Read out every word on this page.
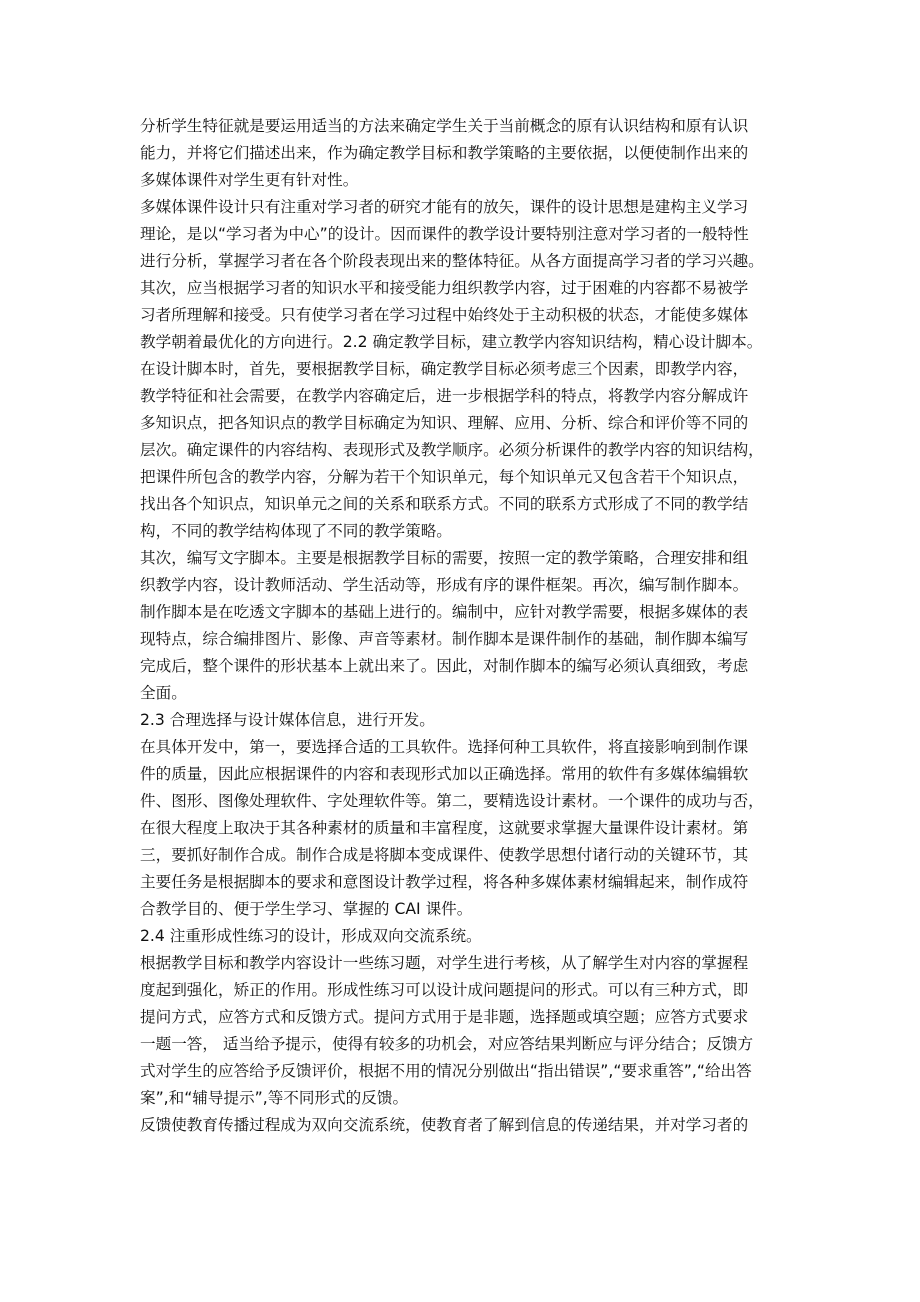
分析学生特征就是要运用适当的方法来确定学生关于当前概念的原有认识结构和原有认识
能力，并将它们描述出来，作为确定教学目标和教学策略的主要依据，以便使制作出来的
多媒体课件对学生更有针对性。
多媒体课件设计只有注重对学习者的研究才能有的放矢，课件的设计思想是建构主义学习
理论，是以“学习者为中心”的设计。因而课件的教学设计要特别注意对学习者的一般特性
进行分析，掌握学习者在各个阶段表现出来的整体特征。从各方面提高学习者的学习兴趣。
其次，应当根据学习者的知识水平和接受能力组织教学内容，过于困难的内容都不易被学
习者所理解和接受。只有使学习者在学习过程中始终处于主动积极的状态，才能使多媒体
教学朝着最优化的方向进行。2.2 确定教学目标，建立教学内容知识结构，精心设计脚本。
在设计脚本时，首先，要根据教学目标，确定教学目标必须考虑三个因素，即教学内容，
教学特征和社会需要，在教学内容确定后，进一步根据学科的特点，将教学内容分解成许
多知识点，把各知识点的教学目标确定为知识、理解、应用、分析、综合和评价等不同的
层次。确定课件的内容结构、表现形式及教学顺序。必须分析课件的教学内容的知识结构，
把课件所包含的教学内容，分解为若干个知识单元，每个知识单元又包含若干个知识点，
找出各个知识点，知识单元之间的关系和联系方式。不同的联系方式形成了不同的教学结
构，不同的教学结构体现了不同的教学策略。
其次，编写文字脚本。主要是根据教学目标的需要，按照一定的教学策略，合理安排和组
织教学内容，设计教师活动、学生活动等，形成有序的课件框架。再次，编写制作脚本。
制作脚本是在吃透文字脚本的基础上进行的。编制中，应针对教学需要，根据多媒体的表
现特点，综合编排图片、影像、声音等素材。制作脚本是课件制作的基础，制作脚本编写
完成后，整个课件的形状基本上就出来了。因此，对制作脚本的编写必须认真细致，考虑
全面。
2.3 合理选择与设计媒体信息，进行开发。
在具体开发中，第一，要选择合适的工具软件。选择何种工具软件，将直接影响到制作课
件的质量，因此应根据课件的内容和表现形式加以正确选择。常用的软件有多媒体编辑软
件、图形、图像处理软件、字处理软件等。第二，要精选设计素材。一个课件的成功与否，
在很大程度上取决于其各种素材的质量和丰富程度，这就要求掌握大量课件设计素材。第
三，要抓好制作合成。制作合成是将脚本变成课件、使教学思想付诸行动的关键环节，其
主要任务是根据脚本的要求和意图设计教学过程，将各种多媒体素材编辑起来，制作成符
合教学目的、便于学生学习、掌握的 CAI 课件。
2.4 注重形成性练习的设计，形成双向交流系统。
根据教学目标和教学内容设计一些练习题，对学生进行考核，从了解学生对内容的掌握程
度起到强化，矫正的作用。形成性练习可以设计成问题提问的形式。可以有三种方式，即
提问方式，应答方式和反馈方式。提问方式用于是非题，选择题或填空题；应答方式要求
一题一答， 适当给予提示，使得有较多的功机会，对应答结果判断应与评分结合；反馈方
式对学生的应答给予反馈评价，根据不用的情况分别做出“指出错误”,“要求重答”,“给出答
案”,和“辅导提示”,等不同形式的反馈。
反馈使教育传播过程成为双向交流系统，使教育者了解到信息的传递结果，并对学习者的
